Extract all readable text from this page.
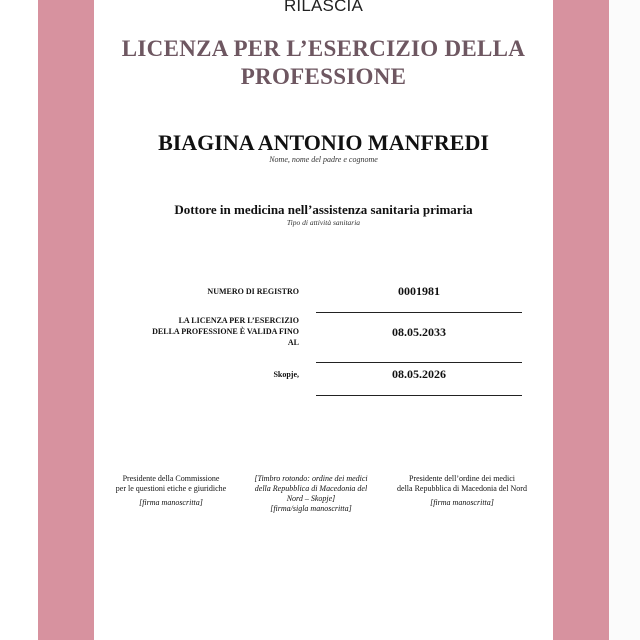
RILASCIA
LICENZA PER L’ESERCIZIO DELLA
PROFESSIONE
BIAGINA ANTONIO MANFREDI
Nome, nome del padre e cognome
Dottore in medicina nell’assistenza sanitaria primaria
Tipo di attività sanitaria
NUMERO DI REGISTRO	0001981
LA LICENZA PER L’ESERCIZIO
DELLA PROFESSIONE È VALIDA FINO
AL
08.05.2033
Skopje,	08.05.2026
Presidente della Commissione
per le questioni etiche e giuridiche
[firma manoscritta]
[Timbro rotondo: ordine dei medici
della Repubblica di Macedonia del
Nord – Skopje]
[firma/sigla manoscritta]
Presidente dell’ordine dei medici
della Repubblica di Macedonia del Nord
[firma manoscritta]
